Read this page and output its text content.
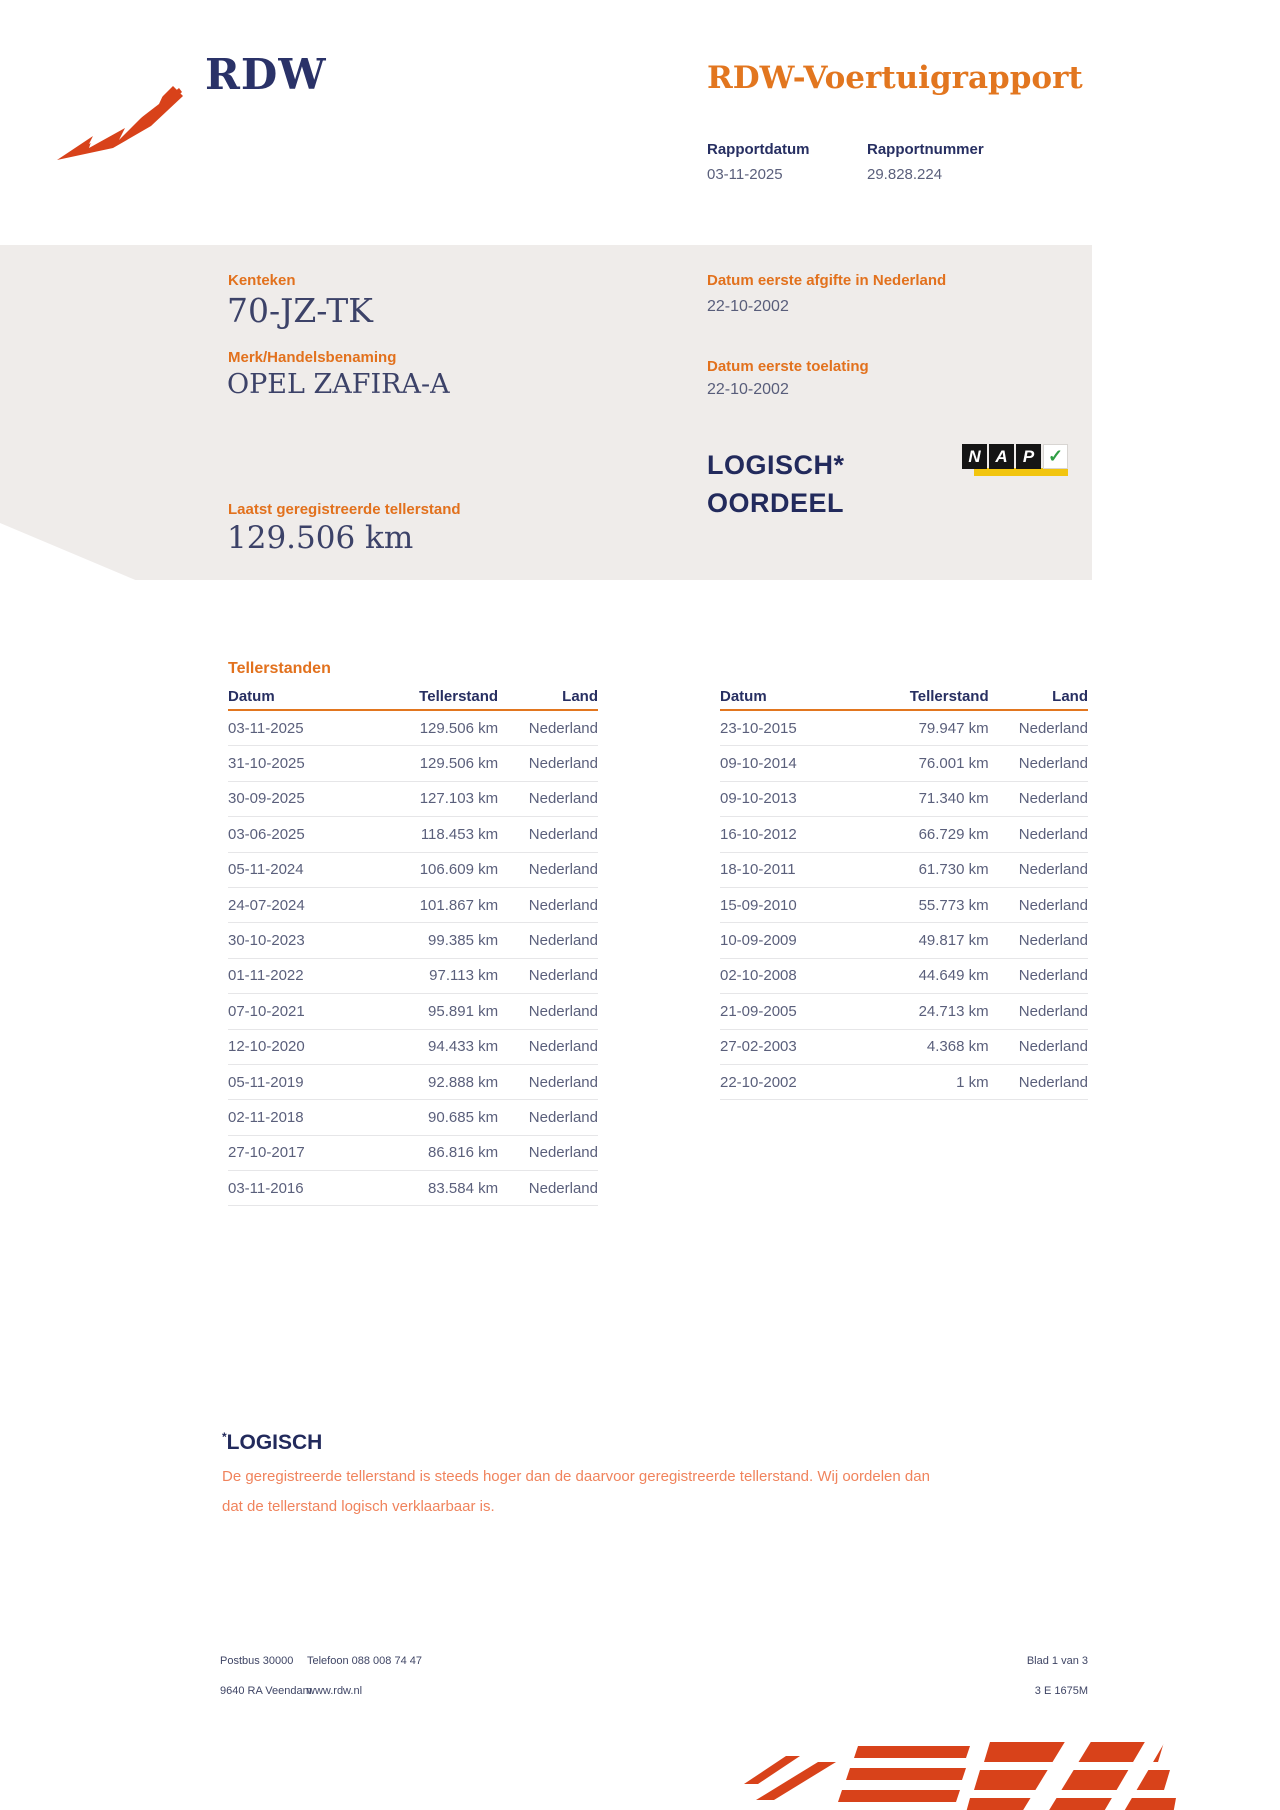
RDW	RDW-Voertuigrapport
Rapportdatum	Rapportnummer
03-11-2025	29.828.224
Kenteken
70-JZ-TK
Merk/Handelsbenaming
OPEL ZAFIRA-A
Datum eerste afgifte in Nederland
22-10-2002
Datum eerste toelating
22-10-2002
LOGISCH*
OORDEEL
N A P ✓
Laatst geregistreerde tellerstand
129.506 km
Tellerstanden
Datum	Tellerstand	Land
03-11-2025	129.506 km	Nederland
31-10-2025	129.506 km	Nederland
30-09-2025	127.103 km	Nederland
03-06-2025	118.453 km	Nederland
05-11-2024	106.609 km	Nederland
24-07-2024	101.867 km	Nederland
30-10-2023	99.385 km	Nederland
01-11-2022	97.113 km	Nederland
07-10-2021	95.891 km	Nederland
12-10-2020	94.433 km	Nederland
05-11-2019	92.888 km	Nederland
02-11-2018	90.685 km	Nederland
27-10-2017	86.816 km	Nederland
03-11-2016	83.584 km	Nederland
Datum	Tellerstand	Land
23-10-2015	79.947 km	Nederland
09-10-2014	76.001 km	Nederland
09-10-2013	71.340 km	Nederland
16-10-2012	66.729 km	Nederland
18-10-2011	61.730 km	Nederland
15-09-2010	55.773 km	Nederland
10-09-2009	49.817 km	Nederland
02-10-2008	44.649 km	Nederland
21-09-2005	24.713 km	Nederland
27-02-2003	4.368 km	Nederland
22-10-2002	1 km	Nederland
*LOGISCH
De geregistreerde tellerstand is steeds hoger dan de daarvoor geregistreerde tellerstand. Wij oordelen dan
dat de tellerstand logisch verklaarbaar is.
Postbus 30000
9640 RA Veendam
Telefoon 088 008 74 47
www.rdw.nl
Blad 1 van 3
3 E 1675M
